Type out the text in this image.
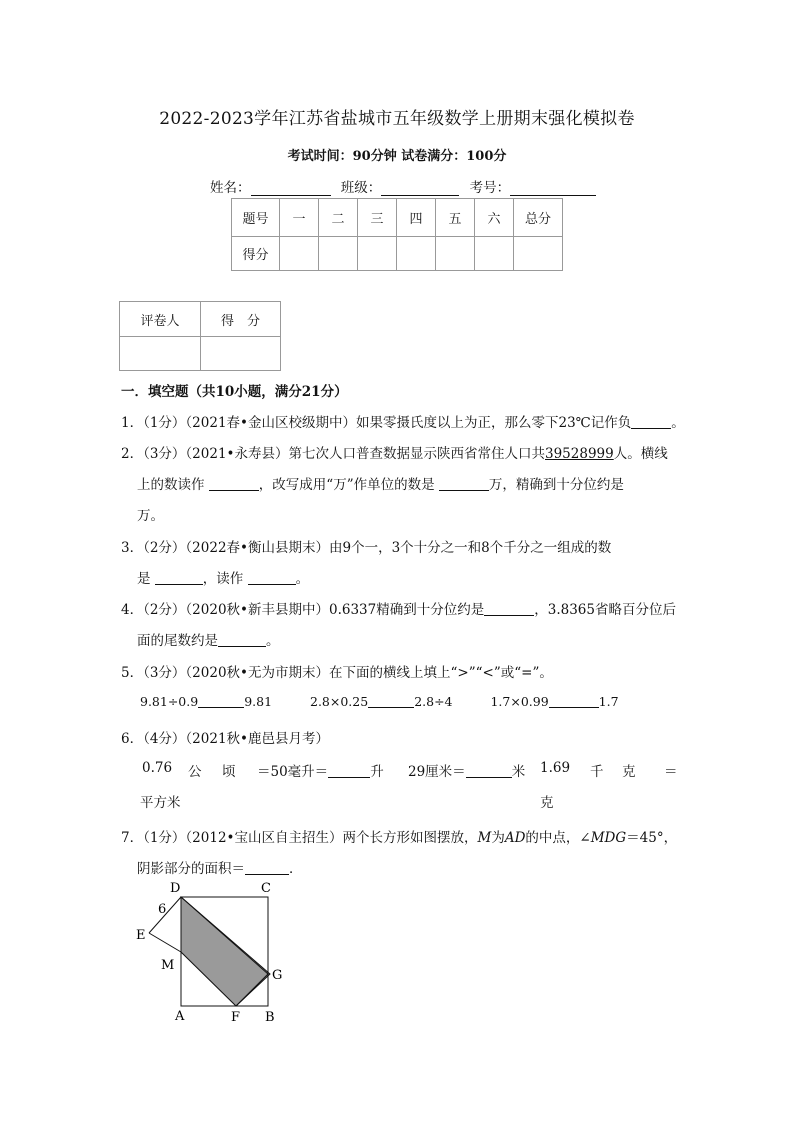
2022-2023学年江苏省盐城市五年级数学上册期末强化模拟卷
考试时间：90分钟 试卷满分：100分
姓名：	班级：	考号：
题号	一	二	三	四	五	六	总分
得分							
评卷人	得　分

一．填空题（共10小题，满分21分）
1．（1分）（2021春•金山区校级期中）如果零摄氏度以上为正，那么零下23℃记作负	。
2．（3分）（2021•永寿县）第七次人口普查数据显示陕西省常住人口共39528999人。横线
上的数读作	，改写成用“万”作单位的数是	万，精确到十分位约是
万。
3．（2分）（2022春•衡山县期末）由9个一，3个十分之一和8个千分之一组成的数
是	，读作	。
4．（2分）（2020秋•新丰县期中）0.6337精确到十分位约是	，3.8365省略百分位后
面的尾数约是	。
5．（3分）（2020秋•无为市期末）在下面的横线上填上“>”“<”或“=”。
9.81÷0.9	9.81	2.8×0.25	2.8÷4	1.7×0.99	1.7
6．（4分）（2021秋•鹿邑县月考）
0.76 公 顷 ＝50毫升＝	升 29厘米＝	米 1.69 千 克 ＝
平方米	克
7．（1分）（2012•宝山区自主招生）两个长方形如图摆放，M为AD的中点，∠MDG＝45°，
阴影部分的面积＝	．
D	C
6
E
M
G
A	F B
